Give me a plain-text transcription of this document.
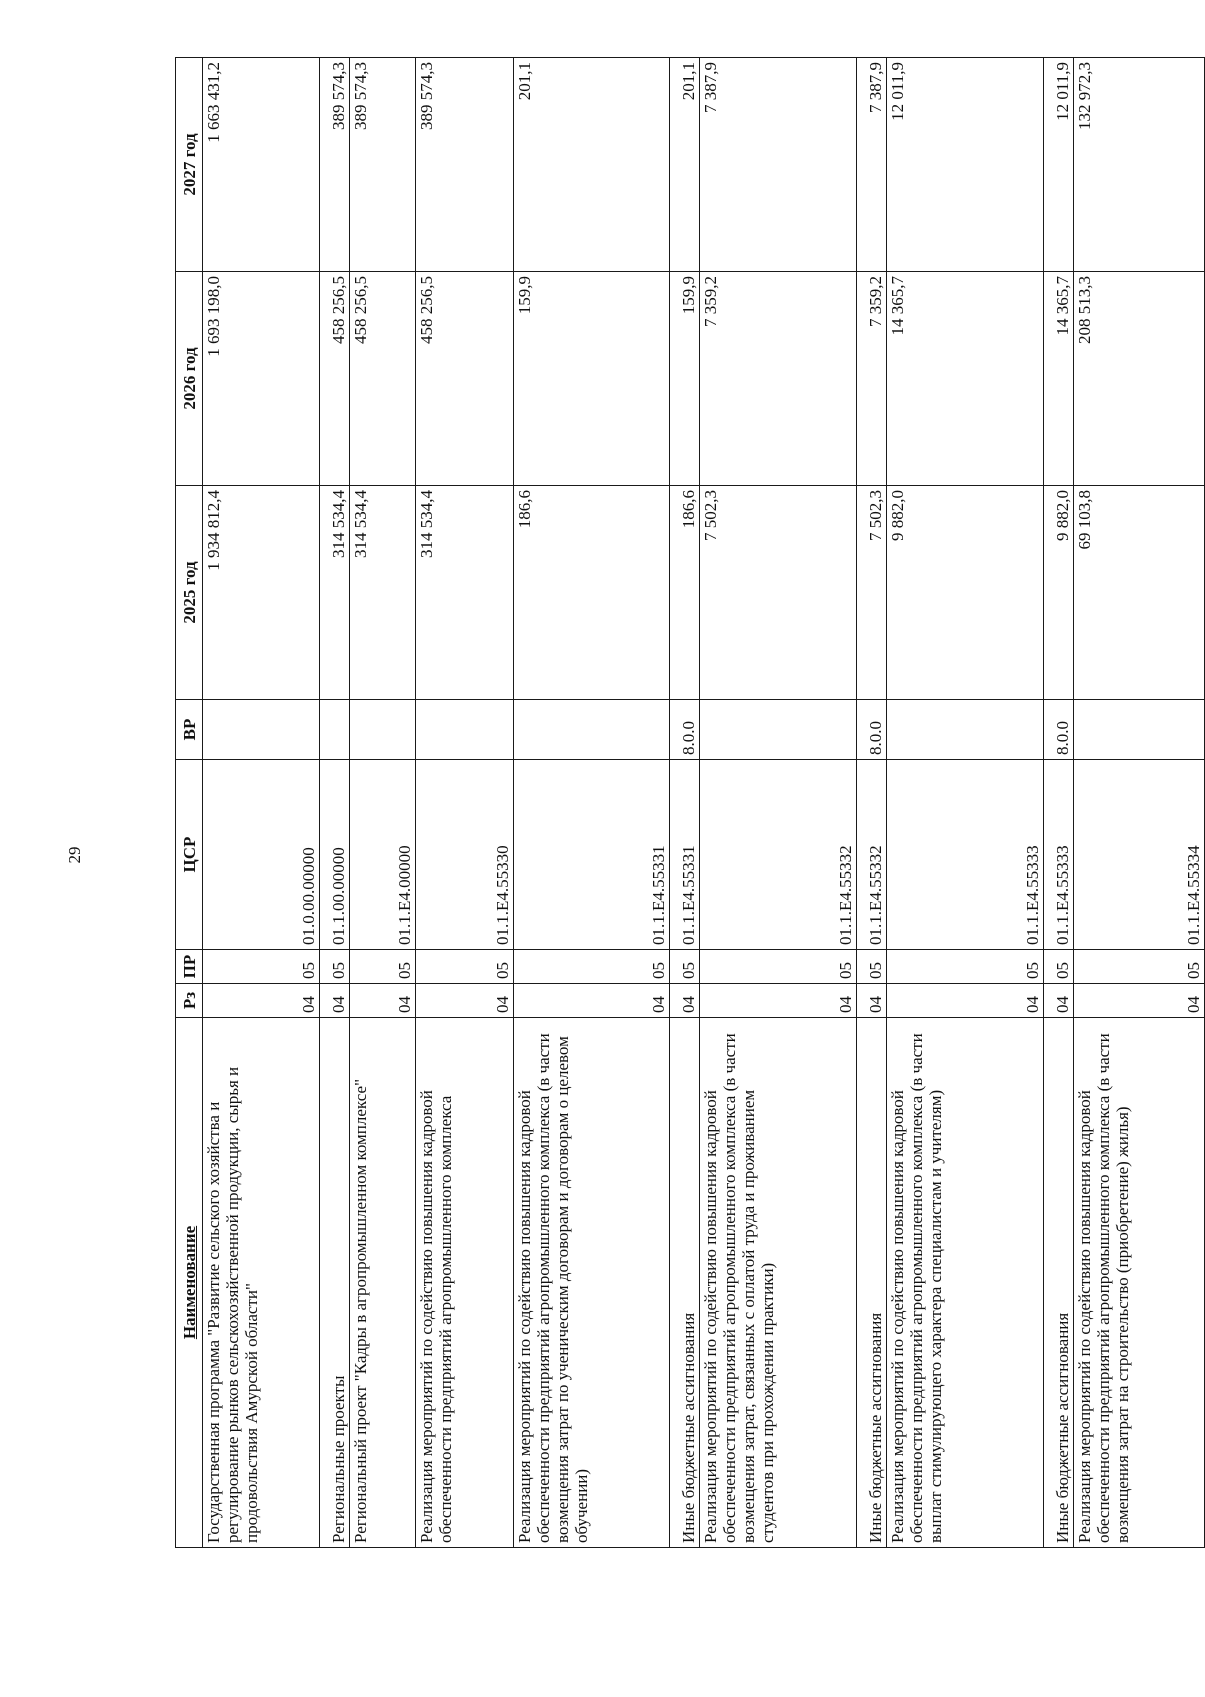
29
Наименование	Рз	ПР	ЦСР	ВР	2025 год	2026 год	2027 год
Государственная программа "Развитие сельского хозяйства и регулирование рынков сельскохозяйственной продукции, сырья и продовольствия Амурской области"	04	05	01.0.00.00000		1 934 812,4	1 693 198,0	1 663 431,2
Региональные проекты	04	05	01.1.00.00000		314 534,4	458 256,5	389 574,3
Региональный проект "Кадры в агропромышленном комплексе"	04	05	01.1.E4.00000		314 534,4	458 256,5	389 574,3
Реализация мероприятий по содействию повышения кадровой обеспеченности предприятий агропромышленного комплекса	04	05	01.1.E4.55330		314 534,4	458 256,5	389 574,3
Реализация мероприятий по содействию повышения кадровой обеспеченности предприятий агропромышленного комплекса (в части возмещения затрат по ученическим договорам и договорам о целевом обучении)	04	05	01.1.E4.55331		186,6	159,9	201,1
Иные бюджетные ассигнования	04	05	01.1.E4.55331	8.0.0	186,6	159,9	201,1
Реализация мероприятий по содействию повышения кадровой обеспеченности предприятий агропромышленного комплекса (в части возмещения затрат, связанных с оплатой труда и проживанием студентов при прохождении практики)	04	05	01.1.E4.55332		7 502,3	7 359,2	7 387,9
Иные бюджетные ассигнования	04	05	01.1.E4.55332	8.0.0	7 502,3	7 359,2	7 387,9
Реализация мероприятий по содействию повышения кадровой обеспеченности предприятий агропромышленного комплекса (в части выплат стимулирующего характера специалистам и учителям)	04	05	01.1.E4.55333		9 882,0	14 365,7	12 011,9
Иные бюджетные ассигнования	04	05	01.1.E4.55333	8.0.0	9 882,0	14 365,7	12 011,9
Реализация мероприятий по содействию повышения кадровой обеспеченности предприятий агропромышленного комплекса (в части возмещения затрат на строительство (приобретение) жилья)	04	05	01.1.E4.55334		69 103,8	208 513,3	132 972,3
